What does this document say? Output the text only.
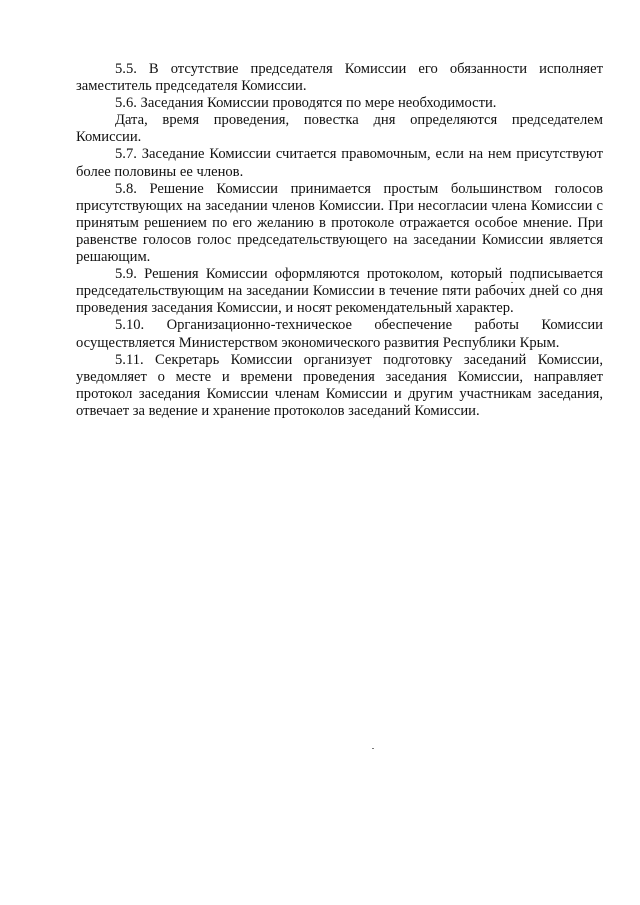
5.5. В отсутствие председателя Комиссии его обязанности исполняет заместитель председателя Комиссии.

5.6. Заседания Комиссии проводятся по мере необходимости.

Дата, время проведения, повестка дня определяются председателем Комиссии.

5.7. Заседание Комиссии считается правомочным, если на нем присутствуют более половины ее членов.

5.8. Решение Комиссии принимается простым большинством голосов присутствующих на заседании членов Комиссии. При несогласии члена Комиссии с принятым решением по его желанию в протоколе отражается особое мнение. При равенстве голосов голос председательствующего на заседании Комиссии является решающим.

5.9. Решения Комиссии оформляются протоколом, который подписывается председательствующим на заседании Комиссии в течение пяти рабочих дней со дня проведения заседания Комиссии, и носят рекомендательный характер.

5.10. Организационно-техническое обеспечение работы Комиссии осуществляется Министерством экономического развития Республики Крым.

5.11. Секретарь Комиссии организует подготовку заседаний Комиссии, уведомляет о месте и времени проведения заседания Комиссии, направляет протокол заседания Комиссии членам Комиссии и другим участникам заседания, отвечает за ведение и хранение протоколов заседаний Комиссии.
